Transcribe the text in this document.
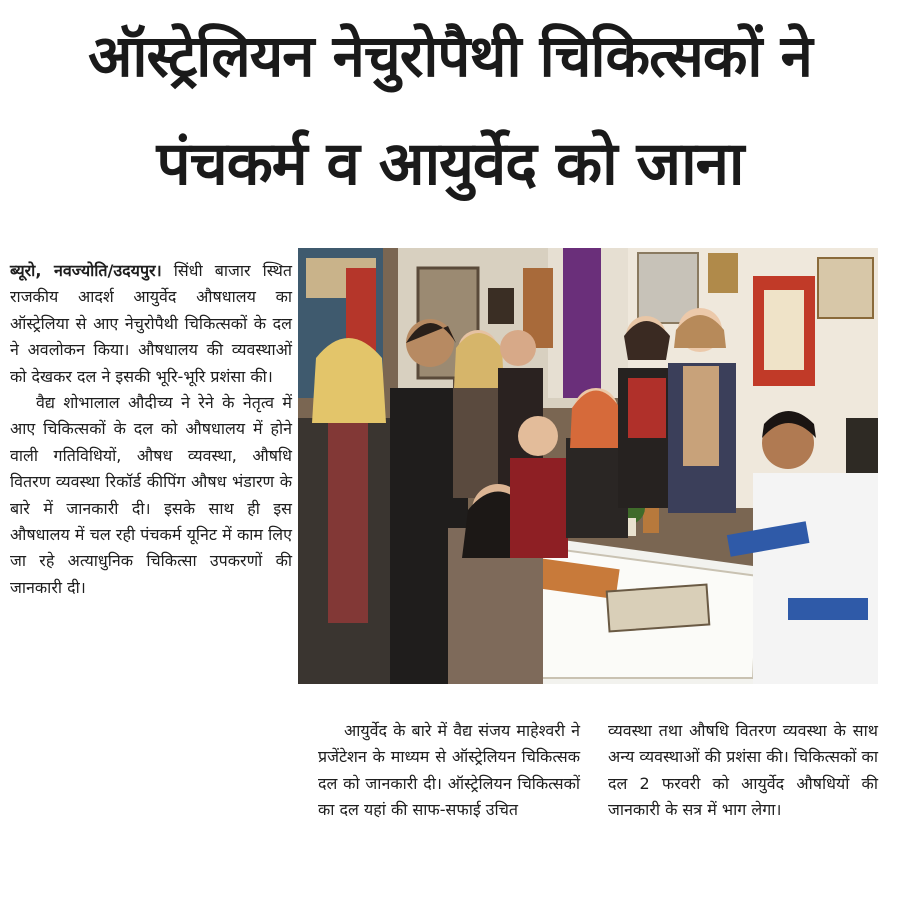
ऑस्ट्रेलियन नेचुरोपैथी चिकित्सकों ने
पंचकर्म व आयुर्वेद को जाना

ब्यूरो, नवज्योति/उदयपुर। सिंधी बाजार स्थित राजकीय आदर्श आयुर्वेद औषधालय का ऑस्ट्रेलिया से आए नेचुरोपैथी चिकित्सकों के दल ने अवलोकन किया। औषधालय की व्यवस्थाओं को देखकर दल ने इसकी भूरि-भूरि प्रशंसा की।

वैद्य शोभालाल औदीच्य ने रेने के नेतृत्व में आए चिकित्सकों के दल को औषधालय में होने वाली गतिविधियों, औषध व्यवस्था, औषधि वितरण व्यवस्था रिकॉर्ड कीपिंग औषध भंडारण के बारे में जानकारी दी। इसके साथ ही इस औषधालय में चल रही पंचकर्म यूनिट में काम लिए जा रहे अत्याधुनिक चिकित्सा उपकरणों की जानकारी दी।

आयुर्वेद के बारे में वैद्य संजय माहेश्वरी ने प्रजेंटेशन के माध्यम से ऑस्ट्रेलियन चिकित्सक दल को जानकारी दी। ऑस्ट्रेलियन चिकित्सकों का दल यहां की साफ-सफाई उचित

व्यवस्था तथा औषधि वितरण व्यवस्था के साथ अन्य व्यवस्थाओं की प्रशंसा की। चिकित्सकों का दल 2 फरवरी को आयुर्वेद औषधियों की जानकारी के सत्र में भाग लेगा।
